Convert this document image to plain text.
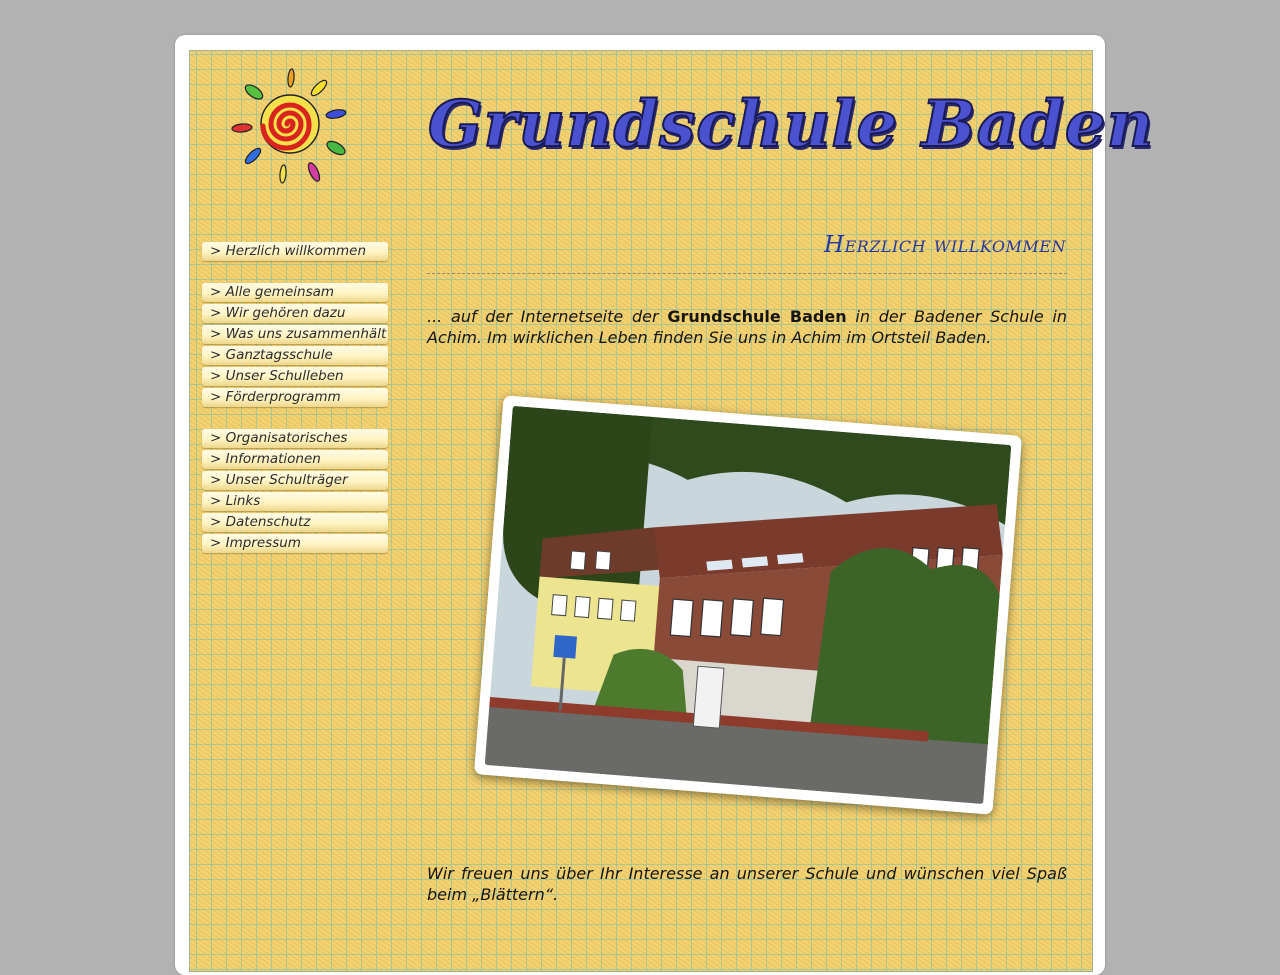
Grundschule Baden
> Herzlich willkommen
> Alle gemeinsam
> Wir gehören dazu
> Was uns zusammenhält
> Ganztagsschule
> Unser Schulleben
> Förderprogramm
> Organisatorisches
> Informationen
> Unser Schulträger
> Links
> Datenschutz
> Impressum
Herzlich willkommen

... auf der Internetseite der Grundschule Baden in der Badener Schule in Achim. Im wirklichen Leben finden Sie uns in Achim im Ortsteil Baden.

Wir freuen uns über Ihr Interesse an unserer Schule und wünschen viel Spaß beim „Blättern“.
